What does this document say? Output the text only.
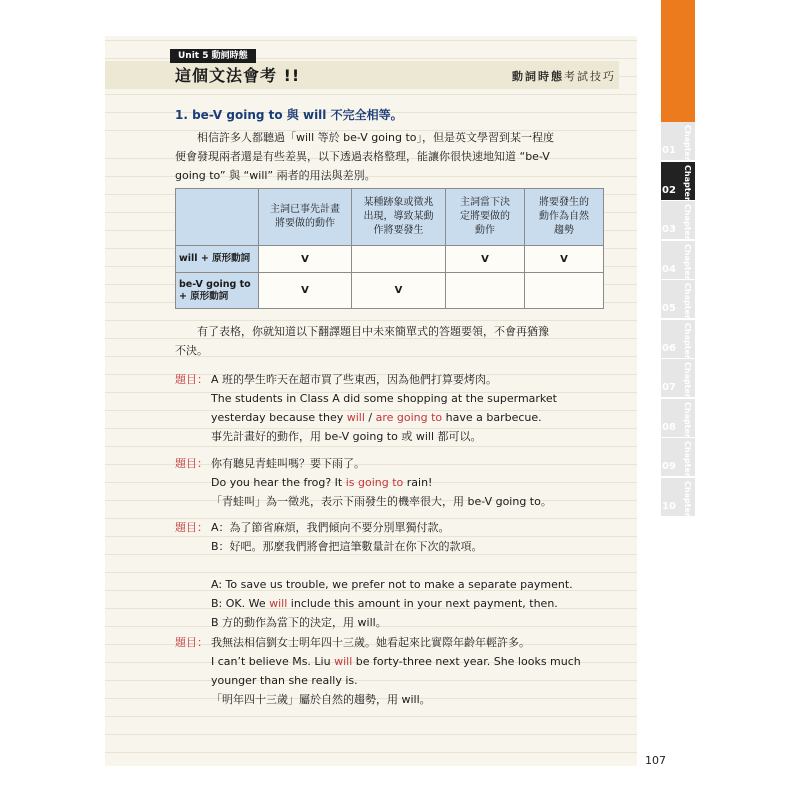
Unit 5 動詞時態
這個文法會考 !!	動詞時態考試技巧
1. be-V going to 與 will 不完全相等。
相信許多人都聽過「will 等於 be-V going to」，但是英文學習到某一程度
便會發現兩者還是有些差異，以下透過表格整理，能讓你很快速地知道 “be-V
going to” 與 “will” 兩者的用法與差別。
	主詞已事先計畫
將要做的動作	某種跡象或徵兆
出現，導致某動
作將要發生	主詞當下決
定將要做的
動作	將要發生的
動作為自然
趨勢
will + 原形動詞	V		V	V
be-V going to
+ 原形動詞	V	V		
有了表格，你就知道以下翻譯題目中未來簡單式的答題要領，不會再猶豫
不決。
題目： A 班的學生昨天在超市買了些東西，因為他們打算要烤肉。
The students in Class A did some shopping at the supermarket
yesterday because they will / are going to have a barbecue.
事先計畫好的動作，用 be-V going to 或 will 都可以。
題目： 你有聽見青蛙叫嗎？要下雨了。
Do you hear the frog? It is going to rain!
「青蛙叫」為一徵兆，表示下雨發生的機率很大，用 be-V going to。
題目： A：為了節省麻煩，我們傾向不要分別單獨付款。
B：好吧。那麼我們將會把這筆數量計在你下次的款項。
A: To save us trouble, we prefer not to make a separate payment.
B: OK. We will include this amount in your next payment, then.
B 方的動作為當下的決定，用 will。
題目： 我無法相信劉女士明年四十三歲。她看起來比實際年齡年輕許多。
I can’t believe Ms. Liu will be forty-three next year. She looks much
younger than she really is.
「明年四十三歲」屬於自然的趨勢，用 will。
Chapter
01
Chapter
02
Chapter
03
Chapter
04
Chapter
05
Chapter
06
Chapter
07
Chapter
08
Chapter
09
Chapter
10
107
